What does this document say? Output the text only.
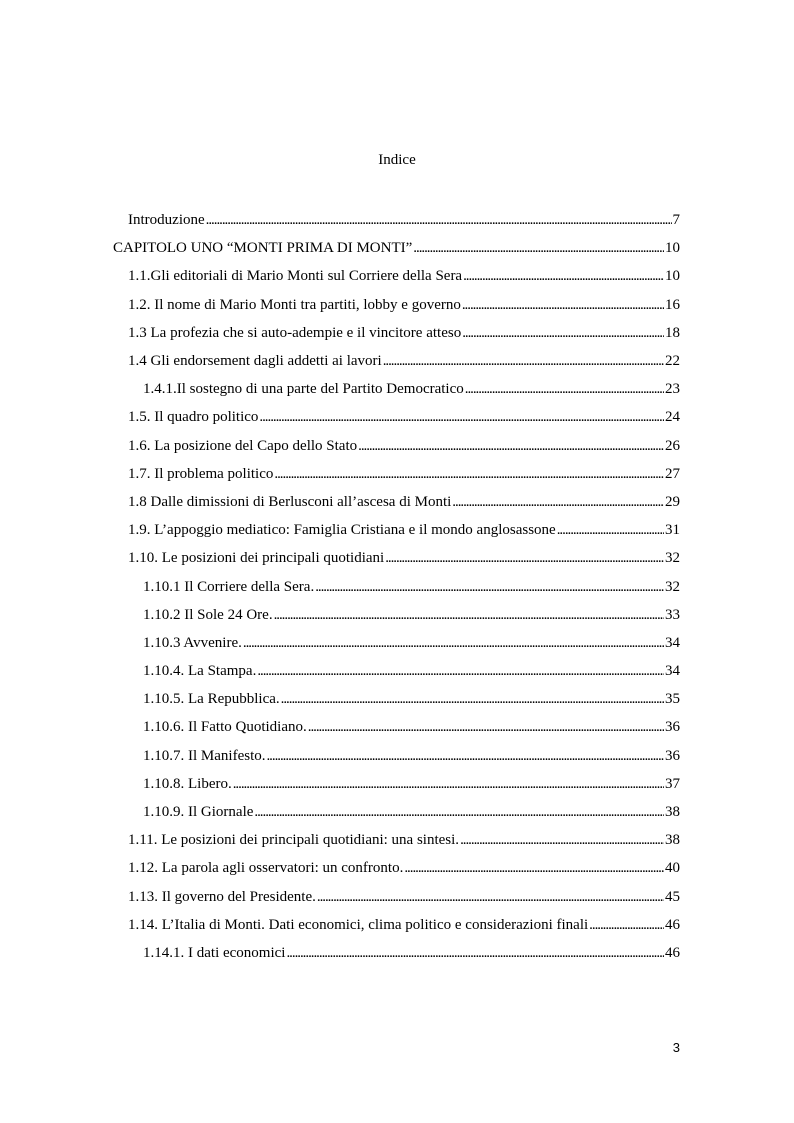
Indice
Introduzione . . .	7
CAPITOLO UNO “MONTI PRIMA DI MONTI” . . .	10
1.1.Gli editoriali di Mario Monti sul Corriere della Sera . . .	10
1.2. Il nome di Mario Monti tra partiti, lobby e governo . . .	16
1.3 La profezia che si auto-adempie e il vincitore atteso . . .	18
1.4 Gli endorsement dagli addetti ai lavori . . .	22
1.4.1.Il sostegno di una parte del Partito Democratico . . .	23
1.5. Il quadro politico . . .	24
1.6. La posizione del Capo dello Stato . . .	26
1.7. Il problema politico . . .	27
1.8 Dalle dimissioni di Berlusconi all’ascesa di Monti . . .	29
1.9. L’appoggio mediatico: Famiglia Cristiana e il mondo anglosassone . . .	31
1.10. Le posizioni dei principali quotidiani . . .	32
1.10.1 Il Corriere della Sera. . . .	32
1.10.2 Il Sole 24 Ore. . . .	33
1.10.3 Avvenire. . . .	34
1.10.4. La Stampa. . . .	34
1.10.5. La Repubblica. . . .	35
1.10.6. Il Fatto Quotidiano. . . .	36
1.10.7. Il Manifesto. . . .	36
1.10.8. Libero. . . .	37
1.10.9. Il Giornale . . .	38
1.11. Le posizioni dei principali quotidiani: una sintesi. . . .	38
1.12. La parola agli osservatori: un confronto. . . .	40
1.13. Il governo del Presidente. . . .	45
1.14. L’Italia di Monti. Dati economici, clima politico e considerazioni finali . . .	46
1.14.1. I dati economici . . .	46
3
